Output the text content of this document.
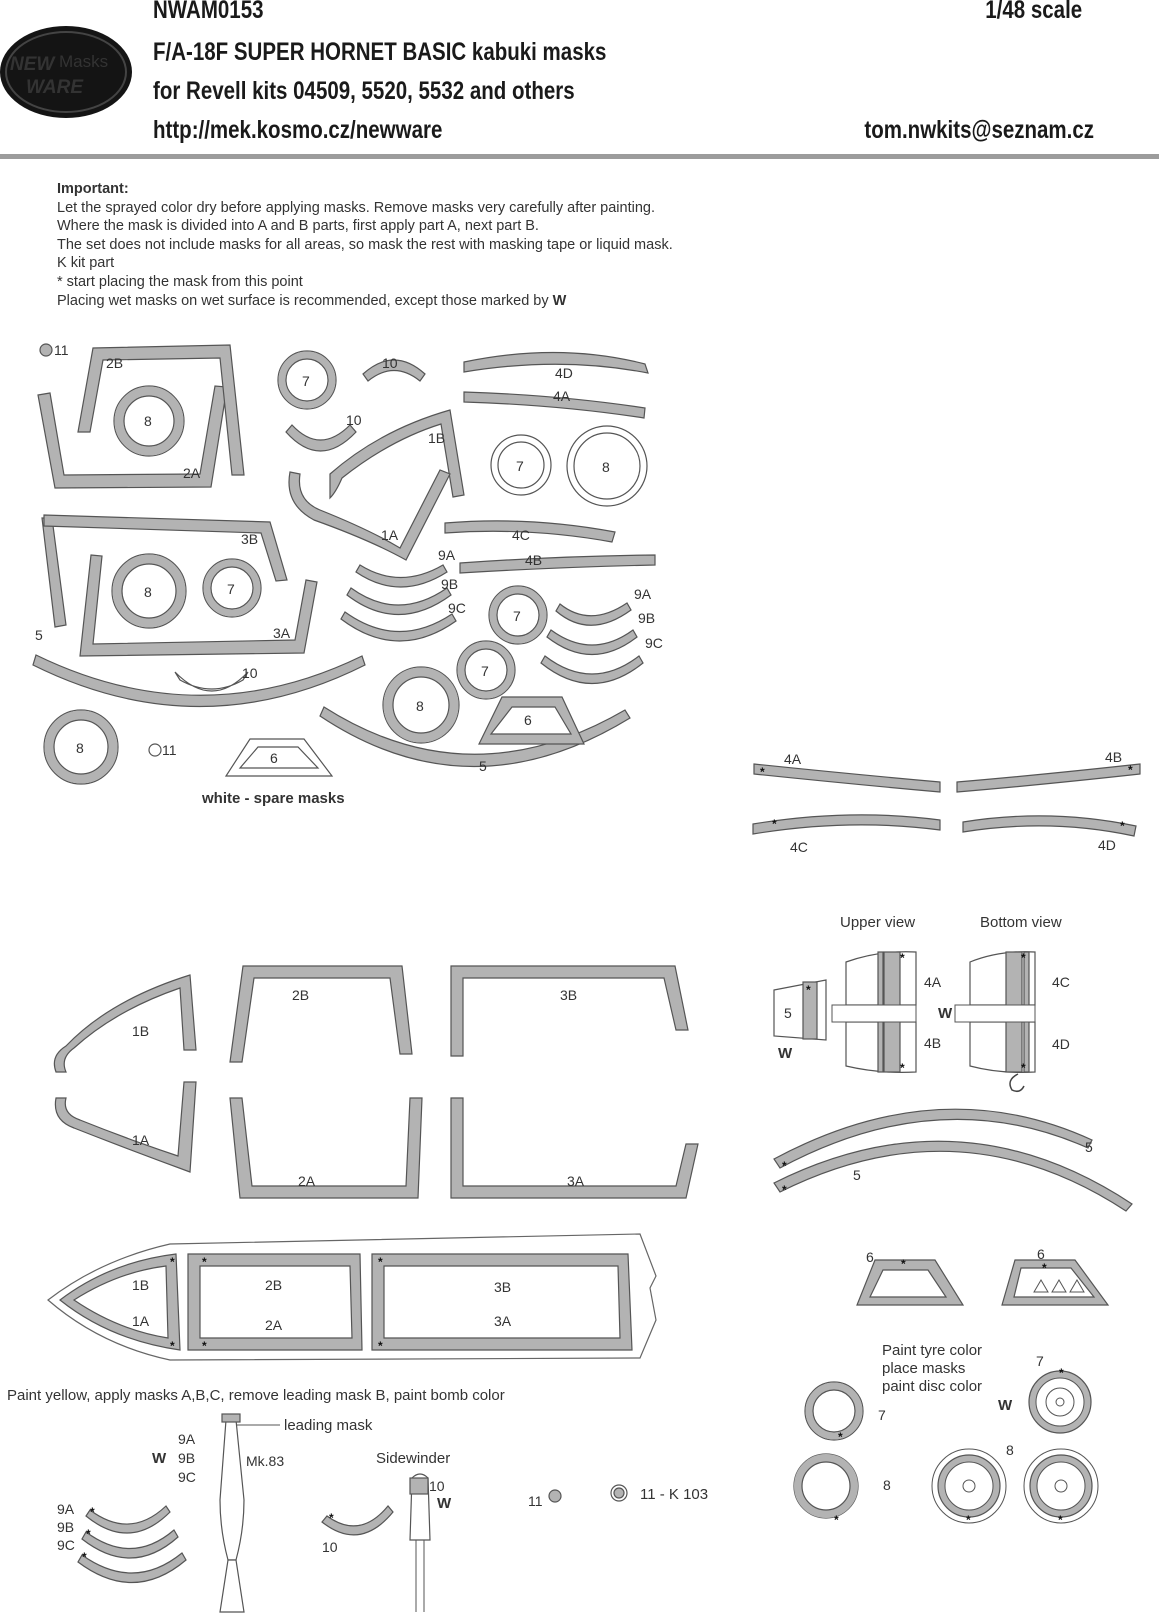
NWAM0153	1/48 scale
F/A-18F SUPER HORNET BASIC kabuki masks
for Revell kits 04509, 5520, 5532 and others
http://mek.kosmo.cz/newware	tom.nwkits@seznam.cz
NEW Masks
WARE
Important:
Let the sprayed color dry before applying masks. Remove masks very carefully after painting.
Where the mask is divided into A and B parts, first apply part A, next part B.
The set does not include masks for all areas, so mask the rest with masking tape or liquid mask.
K kit part
* start placing the mask from this point
Placing wet masks on wet surface is recommended, except those marked by W
11
2B
2A
8
8
8
8
8
7
7
7
7
7
10
10
10
4D
4A
1B
1A	4C
4B
3B
3A
9A
9B
9C
9A
9B
9C
5
5
6
6
11
white - spare masks
4A
*
4B
*
4C
*
4D
*
Upper view	Bottom view
5
*
W
*
*
4A
4B
W
*
*
4C
4D
*
*
5
5
6 *
6
*
1B
1A
2B
2A
3B
3A
1B
1A
2B
2A
3B
3A
*
*
*
*
*
*
Paint yellow, apply masks A,B,C, remove leading mask B, paint bomb color
leading mask
Mk.83
9A
9B
9C
W
9A
9B
9C
*
*
*
*
10
Sidewinder
10
W	11	11 - K 103
Paint tyre color
place masks
paint disc color
W
*
7
7
*
*
8
8
*	*
